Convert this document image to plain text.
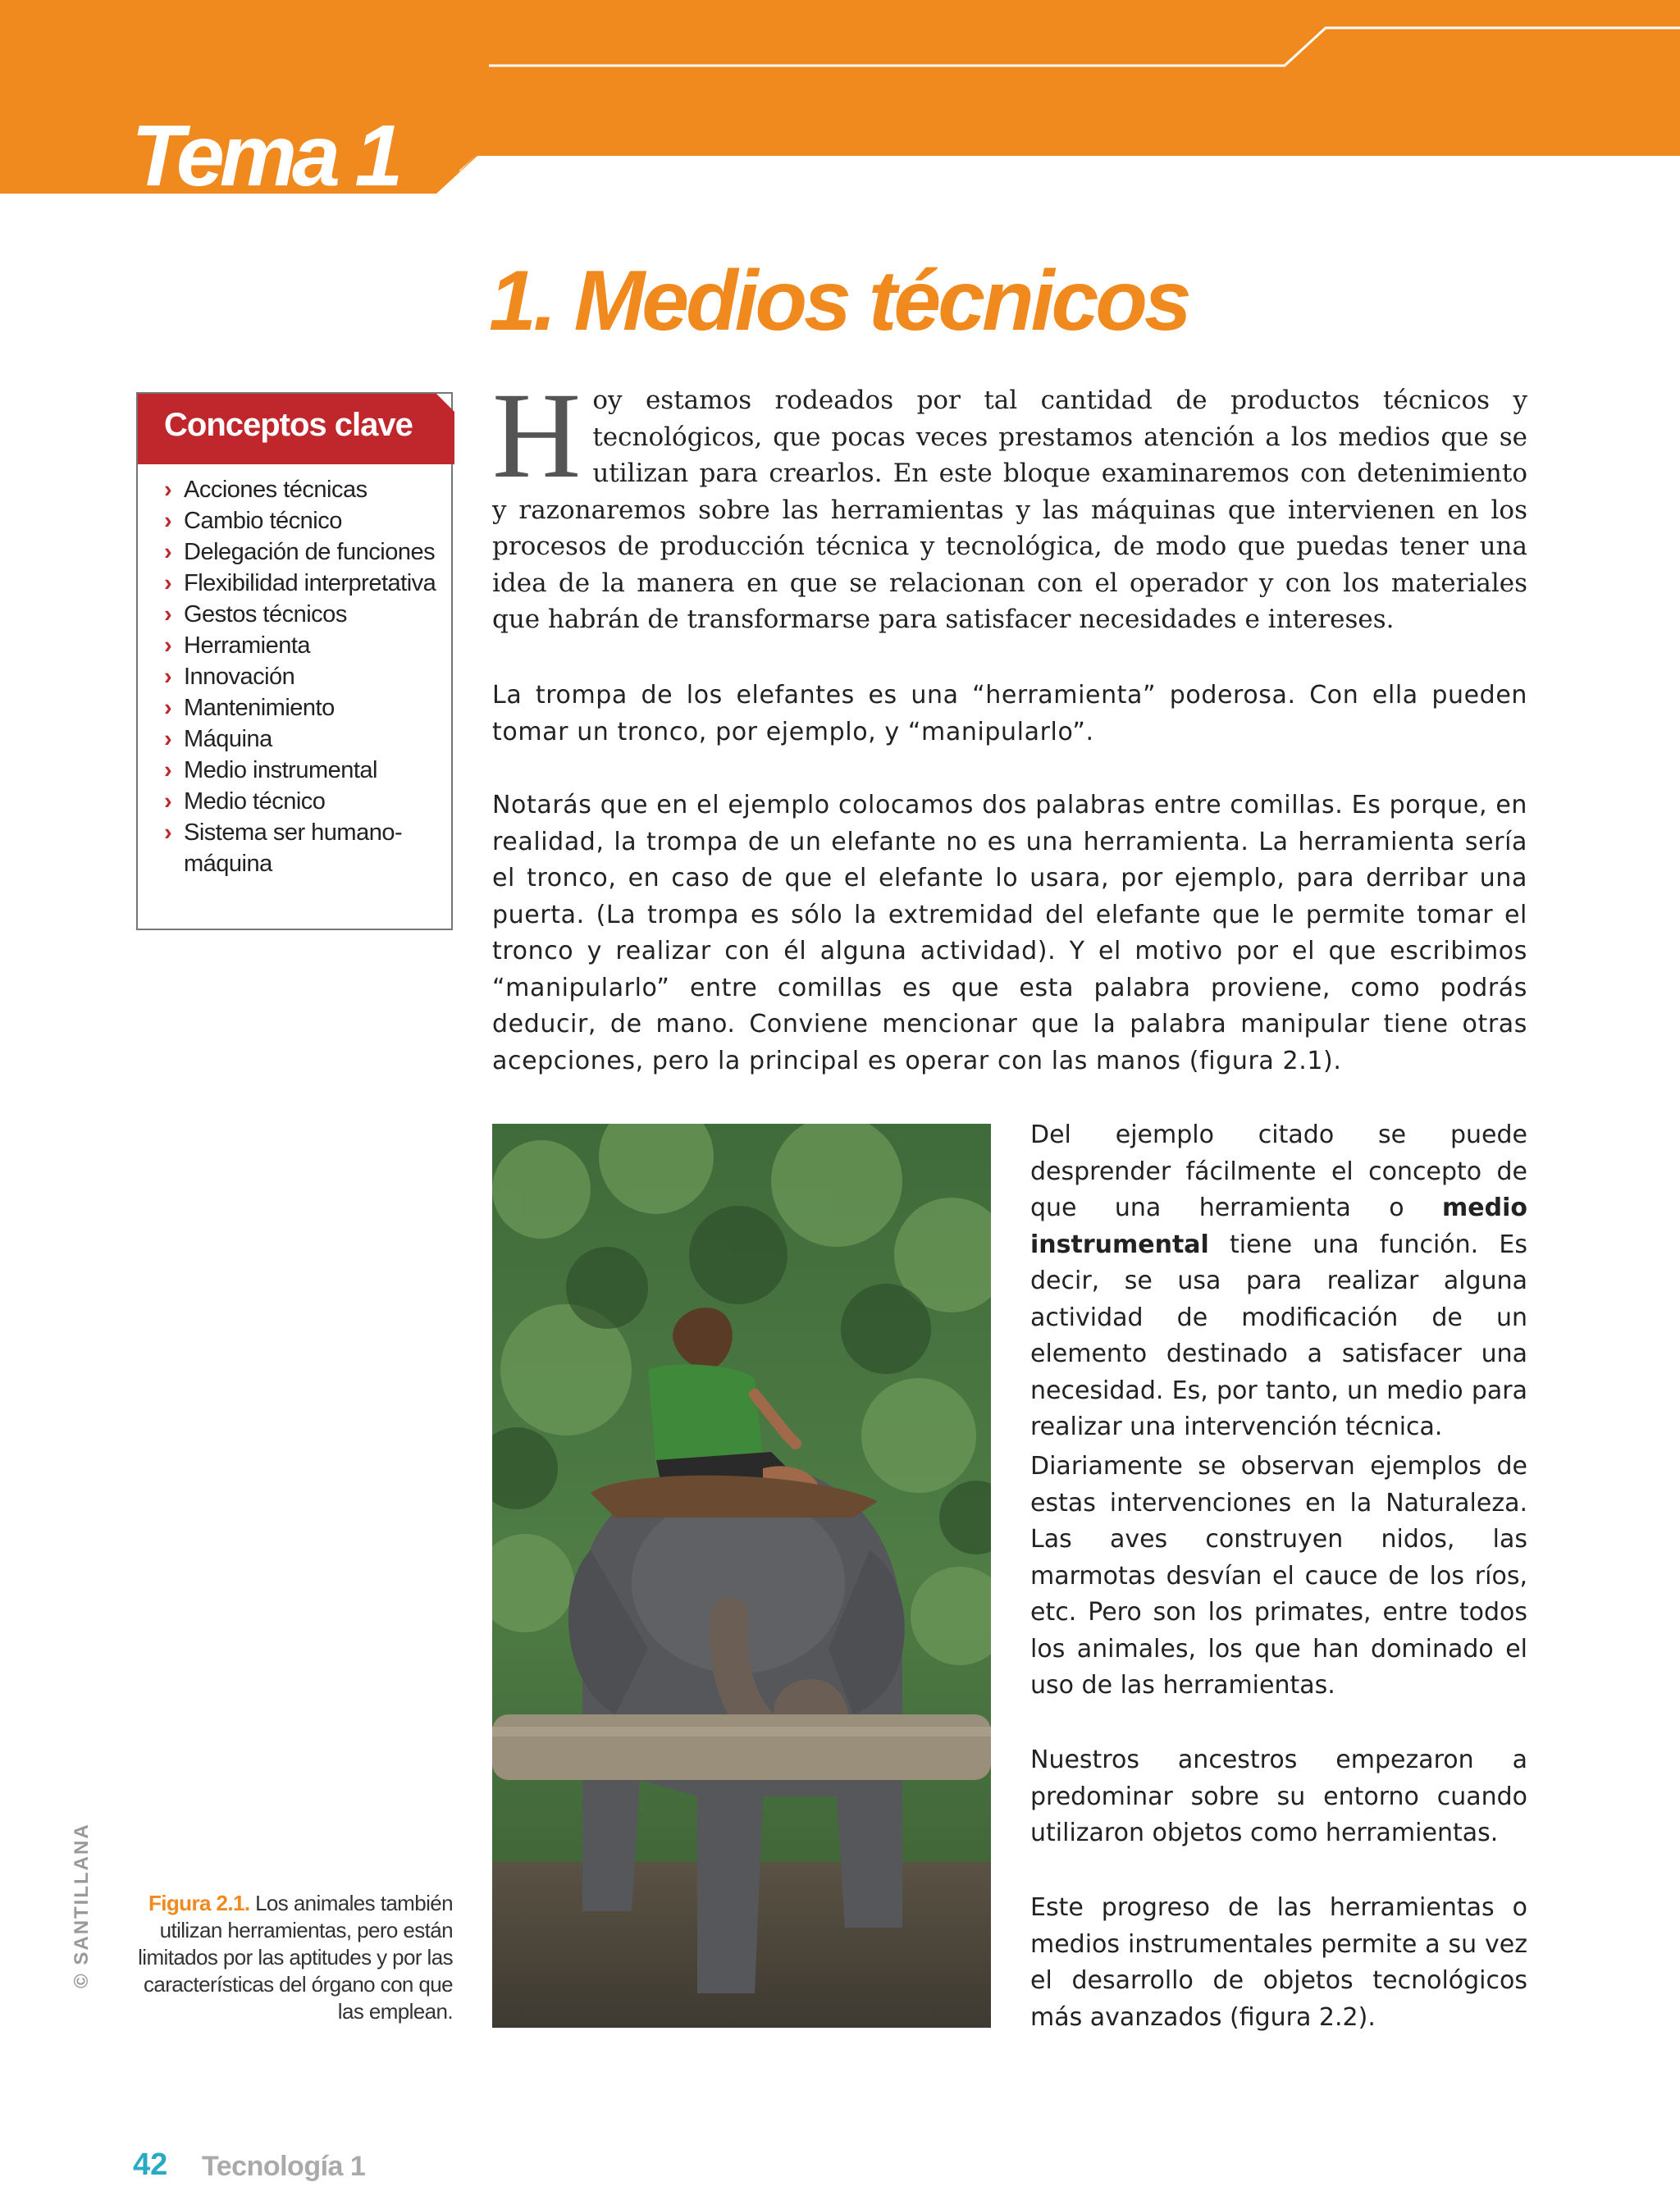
Tema 1
1. Medios técnicos
Conceptos clave
› Acciones técnicas
› Cambio técnico
› Delegación de funciones
› Flexibilidad interpretativa
› Gestos técnicos
› Herramienta
› Innovación
› Mantenimiento
› Máquina
› Medio instrumental
› Medio técnico
› Sistema ser humano-máquina

Hoy estamos rodeados por tal cantidad de productos técnicos y tecnológicos, que pocas veces prestamos atención a los medios que se utilizan para crearlos. En este bloque examinaremos con detenimiento y razonaremos sobre las herramientas y las máquinas que intervienen en los procesos de producción técnica y tecnológica, de modo que puedas tener una idea de la manera en que se relacionan con el operador y con los materiales que habrán de transformarse para satisfacer necesidades e intereses.

La trompa de los elefantes es una “herramienta” poderosa. Con ella pueden tomar un tronco, por ejemplo, y “manipularlo”.

Notarás que en el ejemplo colocamos dos palabras entre comillas. Es porque, en realidad, la trompa de un elefante no es una herramienta. La herramienta sería el tronco, en caso de que el elefante lo usara, por ejemplo, para derribar una puerta. (La trompa es sólo la extremidad del elefante que le permite tomar el tronco y realizar con él alguna actividad). Y el motivo por el que escribimos “manipularlo” entre comillas es que esta palabra proviene, como podrás deducir, de mano. Conviene mencionar que la palabra manipular tiene otras acepciones, pero la principal es operar con las manos (figura 2.1).

Del ejemplo citado se puede desprender fácilmente el concepto de que una herramienta o medio instrumental tiene una función. Es decir, se usa para realizar alguna actividad de modificación de un elemento destinado a satisfacer una necesidad. Es, por tanto, un medio para realizar una intervención técnica.

Diariamente se observan ejemplos de estas intervenciones en la Naturaleza. Las aves construyen nidos, las marmotas desvían el cauce de los ríos, etc. Pero son los primates, entre todos los animales, los que han dominado el uso de las herramientas.

Nuestros ancestros empezaron a predominar sobre su entorno cuando utilizaron objetos como herramientas.

Este progreso de las herramientas o medios instrumentales permite a su vez el desarrollo de objetos tecnológicos más avanzados (figura 2.2).

Figura 2.1. Los animales también utilizan herramientas, pero están limitados por las aptitudes y por las características del órgano con que las emplean.

© SANTILLANA

42 Tecnología 1
